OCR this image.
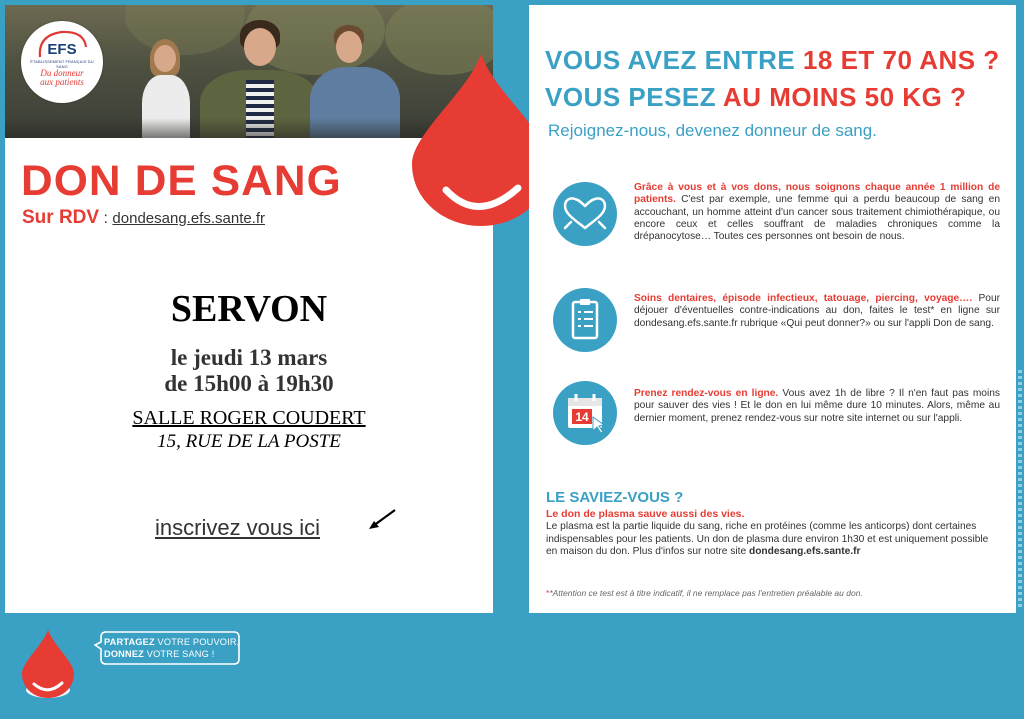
EFS
ÉTABLISSEMENT FRANÇAIS DU SANG
Du donneur
aux patients
DON DE SANG
Sur RDV : dondesang.efs.sante.fr
SERVON
le jeudi 13 mars
de 15h00 à 19h30
SALLE ROGER COUDERT
15, RUE DE LA POSTE
inscrivez vous ici
VOUS AVEZ ENTRE 18 ET 70 ANS ?
VOUS PESEZ AU MOINS 50 KG ?
Rejoignez-nous, devenez donneur de sang.
Grâce à vous et à vos dons, nous soignons chaque année 1 million de patients. C'est par exemple, une femme qui a perdu beaucoup de sang en accouchant, un homme atteint d'un cancer sous traitement chimiothérapique, ou encore ceux et celles souffrant de maladies chroniques comme la drépanocytose… Toutes ces personnes ont besoin de nous.
Soins dentaires, épisode infectieux, tatouage, piercing, voyage…. Pour déjouer d'éventuelles contre-indications au don, faites le test* en ligne sur dondesang.efs.sante.fr rubrique «Qui peut donner?» ou sur l'appli Don de sang.
14
Prenez rendez-vous en ligne. Vous avez 1h de libre ? Il n'en faut pas moins pour sauver des vies ! Et le don en lui même dure 10 minutes. Alors, même au dernier moment, prenez rendez-vous sur notre site internet ou sur l'appli.
LE SAVIEZ-VOUS ?
Le don de plasma sauve aussi des vies.
Le plasma est la partie liquide du sang, riche en protéines (comme les anticorps) dont certaines indispensables pour les patients. Un don de plasma dure environ 1h30 et est uniquement possible en maison du don. Plus d'infos sur notre site dondesang.efs.sante.fr
**Attention ce test est à titre indicatif, il ne remplace pas l'entretien préalable au don.
PARTAGEZ VOTRE POUVOIR,
DONNEZ VOTRE SANG !
